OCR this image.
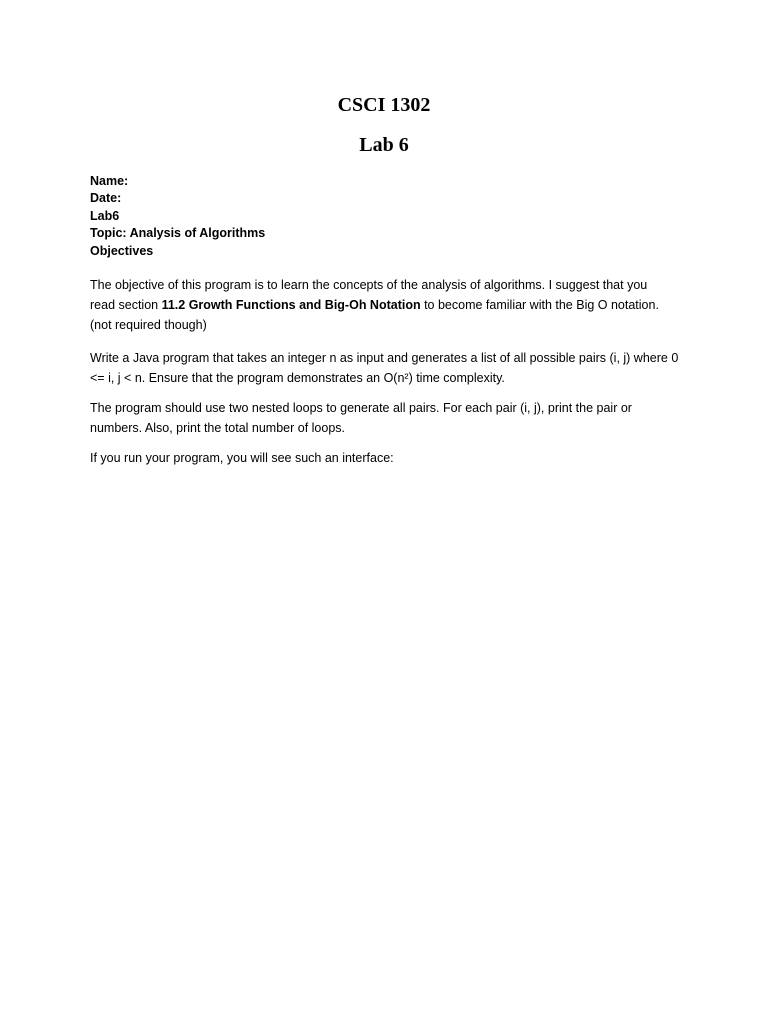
CSCI 1302
Lab 6

Name:

Date:

Lab6

Topic: Analysis of Algorithms

Objectives

The objective of this program is to learn the concepts of the analysis of algorithms. I suggest that you read section 11.2 Growth Functions and Big-Oh Notation to become familiar with the Big O notation. (not required though)

Write a Java program that takes an integer n as input and generates a list of all possible pairs (i, j) where 0 <= i, j < n. Ensure that the program demonstrates an O(n²) time complexity.

The program should use two nested loops to generate all pairs. For each pair (i, j), print the pair or numbers. Also, print the total number of loops.

If you run your program, you will see such an interface:
